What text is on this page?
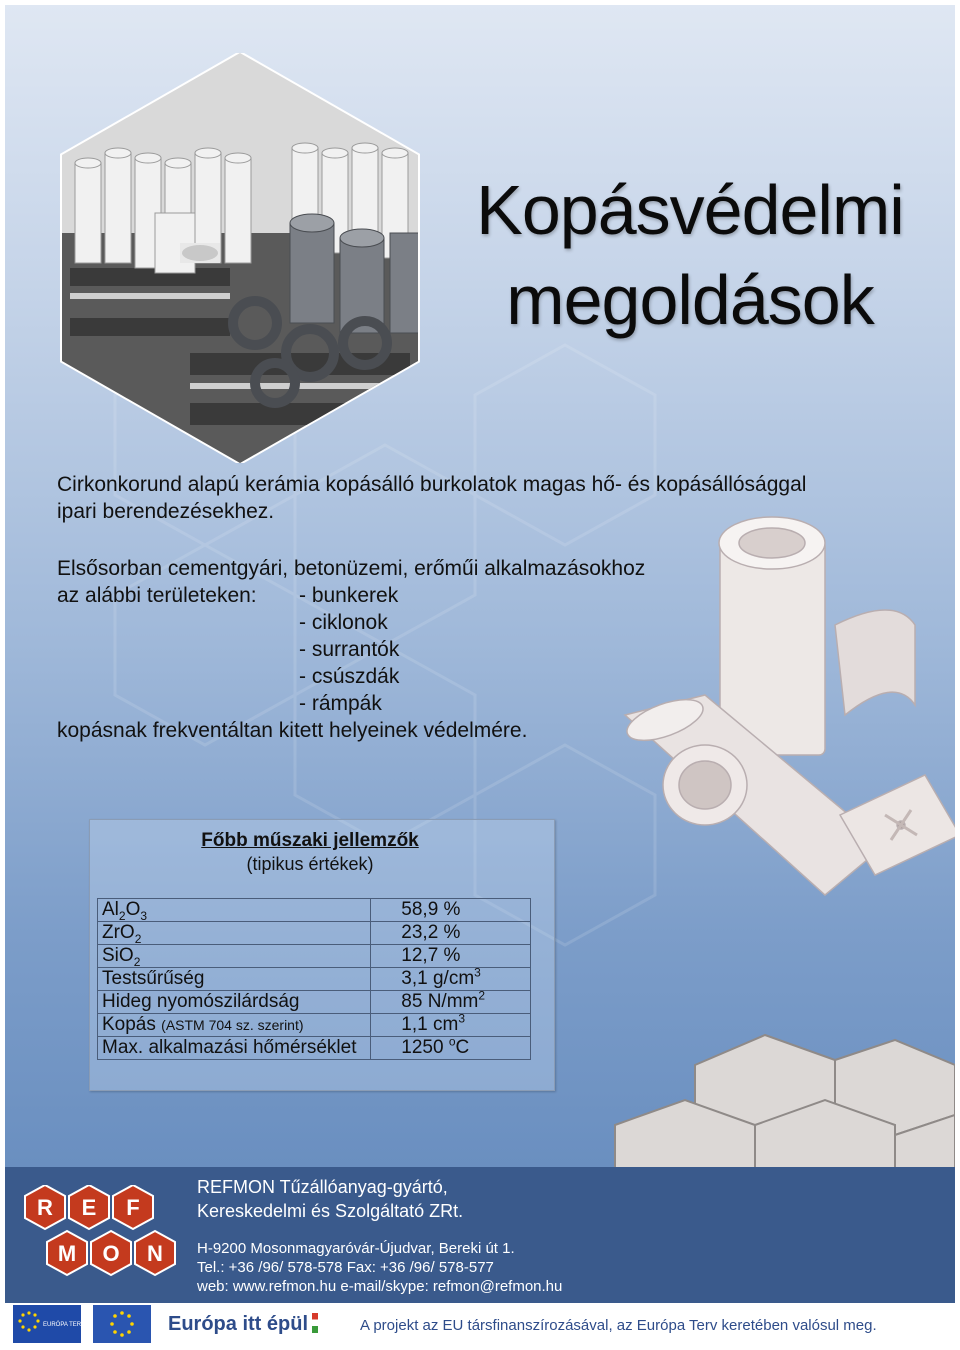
Kopásvédelmi
megoldások
Cirkonkorund alapú kerámia kopásálló burkolatok magas hő- és kopásállósággal
ipari berendezésekhez.
Elsősorban cementgyári, betonüzemi, erőműi alkalmazásokhoz
az alábbi területeken: - bunkerek
- ciklonok
- surrantók
- csúszdák
- rámpák
kopásnak frekventáltan kitett helyeinek védelmére.
Főbb műszaki jellemzők
(tipikus értékek)
$Al_2O_3$	58,9 %
ZrO$_2$	23,2 %
SiO$_2$	12,7 %
Testsűrűség	3,1 $g/cm^3$
Hideg nyomószilárdság	85 $N/mm^2$
Kopás (ASTM 704 sz. szerint)	1,1 $cm^3$
Max. alkalmazási hőmérséklet	1250 $^o$C
R E F
M O N
REFMON Tűzállóanyag-gyártó,
Kereskedelmi és Szolgáltató ZRt.
H-9200 Mosonmagyaróvár-Újudvar, Bereki út 1.
Tel.: +36 /96/ 578-578 Fax: +36 /96/ 578-577
web: www.refmon.hu e-mail/skype: refmon@refmon.hu
EURÓPA TERV	Európa itt épül	A projekt az EU társfinanszírozásával, az Európa Terv keretében valósul meg.
